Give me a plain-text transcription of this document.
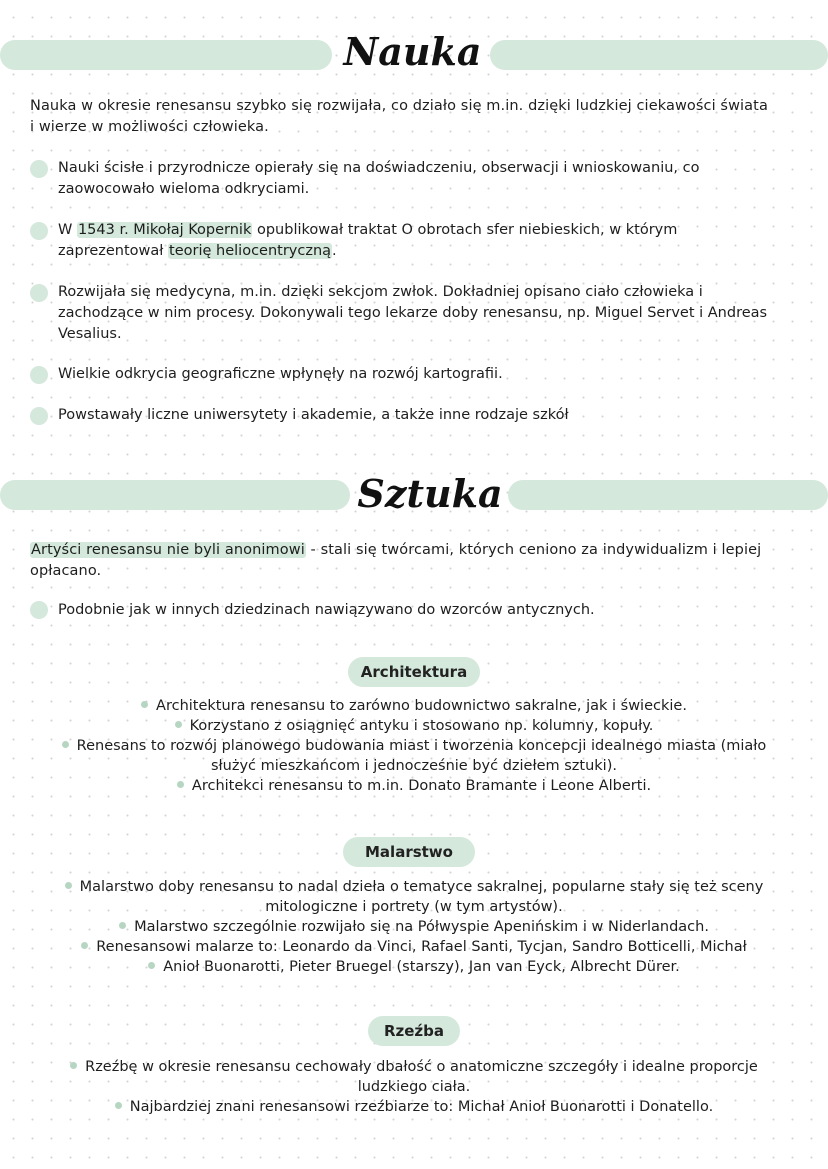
Nauka
Nauka w okresie renesansu szybko się rozwijała, co działo się m.in. dzięki ludzkiej ciekawości świata i wierze w możliwości człowieka.
Nauki ścisłe i przyrodnicze opierały się na doświadczeniu, obserwacji i wnioskowaniu, co zaowocowało wieloma odkryciami.
W 1543 r. Mikołaj Kopernik opublikował traktat O obrotach sfer niebieskich, w którym zaprezentował teorię heliocentryczną.
Rozwijała się medycyna, m.in. dzięki sekcjom zwłok. Dokładniej opisano ciało człowieka i zachodzące w nim procesy. Dokonywali tego lekarze doby renesansu, np. Miguel Servet i Andreas Vesalius.
Wielkie odkrycia geograficzne wpłynęły na rozwój kartografii.
Powstawały liczne uniwersytety i akademie, a także inne rodzaje szkół
Sztuka
Artyści renesansu nie byli anonimowi - stali się twórcami, których ceniono za indywidualizm i lepiej opłacano.
Podobnie jak w innych dziedzinach nawiązywano do wzorców antycznych.
Architektura
Architektura renesansu to zarówno budownictwo sakralne, jak i świeckie.
Korzystano z osiągnięć antyku i stosowano np. kolumny, kopuły.
Renesans to rozwój planowego budowania miast i tworzenia koncepcji idealnego miasta (miało
służyć mieszkańcom i jednocześnie być dziełem sztuki).
Architekci renesansu to m.in. Donato Bramante i Leone Alberti.
Malarstwo
Malarstwo doby renesansu to nadal dzieła o tematyce sakralnej, popularne stały się też sceny
mitologiczne i portrety (w tym artystów).
Malarstwo szczególnie rozwijało się na Półwyspie Apenińskim i w Niderlandach.
Renesansowi malarze to: Leonardo da Vinci, Rafael Santi, Tycjan, Sandro Botticelli, Michał
Anioł Buonarotti, Pieter Bruegel (starszy), Jan van Eyck, Albrecht Dürer.
Rzeźba
Rzeźbę w okresie renesansu cechowały dbałość o anatomiczne szczegóły i idealne proporcje
ludzkiego ciała.
Najbardziej znani renesansowi rzeźbiarze to: Michał Anioł Buonarotti i Donatello.
